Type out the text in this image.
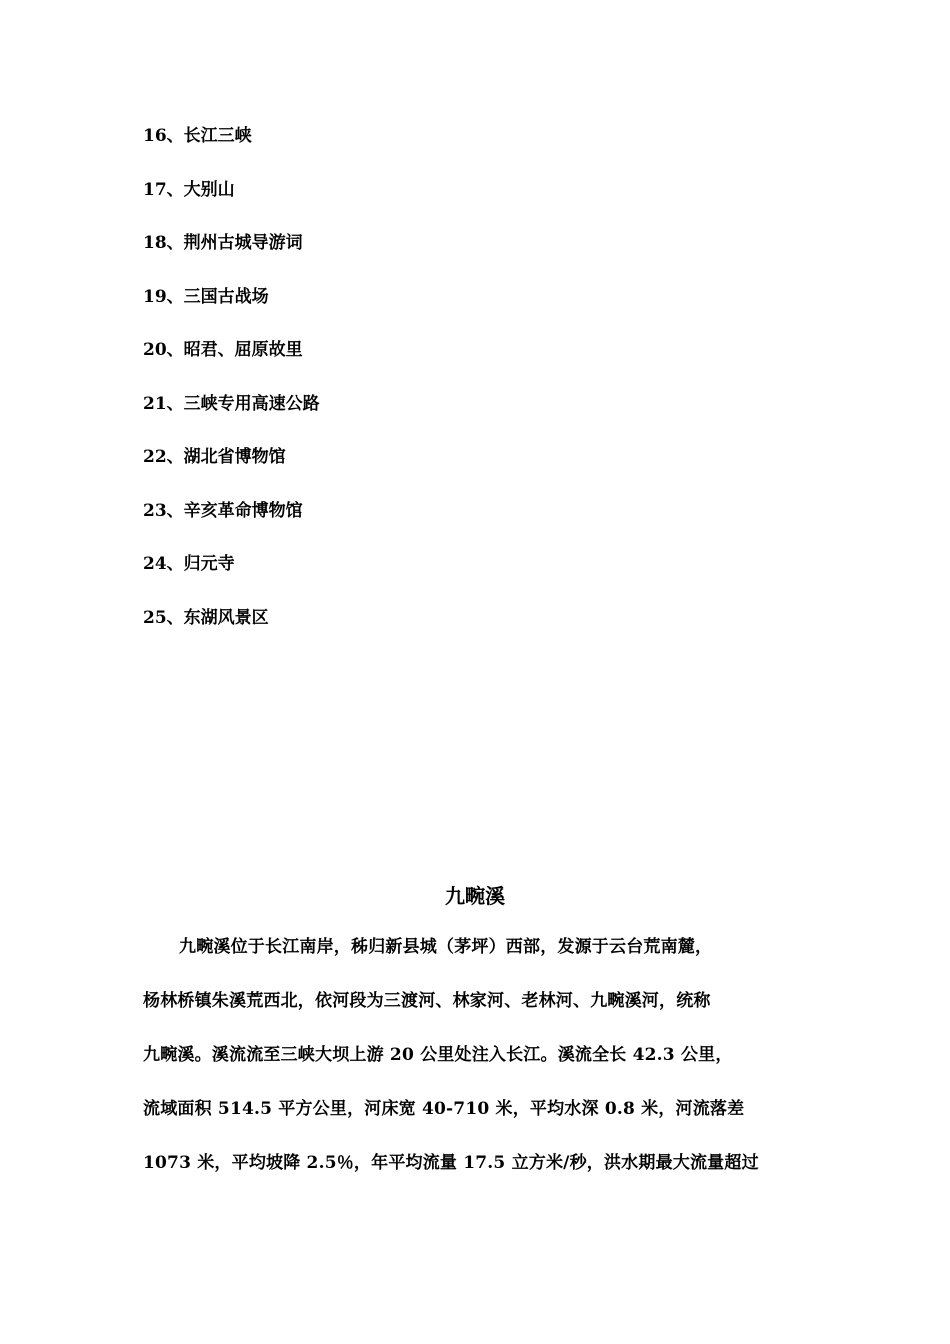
16、长江三峡
17、大别山
18、荆州古城导游词
19、三国古战场
20、昭君、屈原故里
21、三峡专用高速公路
22、湖北省博物馆
23、辛亥革命博物馆
24、归元寺
25、东湖风景区
九畹溪
九畹溪位于长江南岸，秭归新县城（茅坪）西部，发源于云台荒南麓，
杨林桥镇朱溪荒西北，依河段为三渡河、林家河、老林河、九畹溪河，统称
九畹溪。溪流流至三峡大坝上游 20 公里处注入长江。溪流全长 42.3 公里，
流域面积 514.5 平方公里，河床宽 40-710 米，平均水深 0.8 米，河流落差
1073 米，平均坡降 2.5％，年平均流量 17.5 立方米/秒，洪水期最大流量超过
